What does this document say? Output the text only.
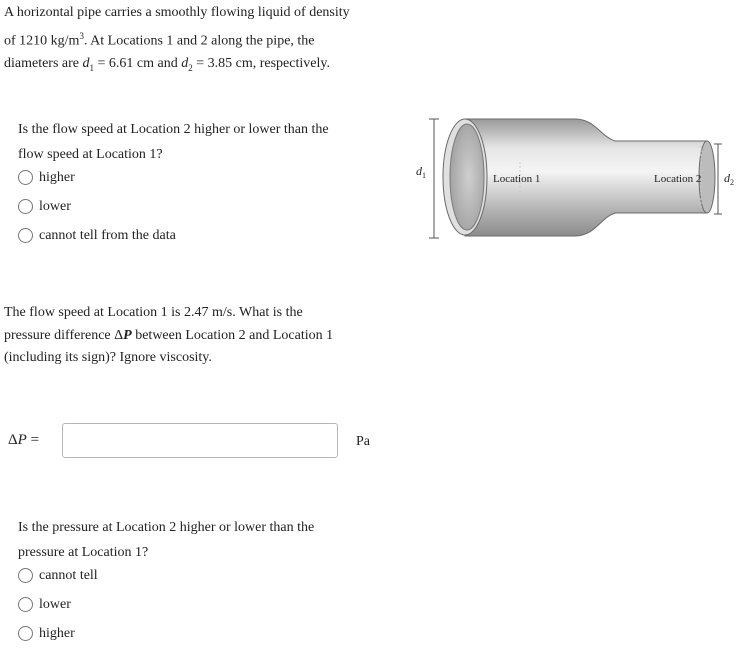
A horizontal pipe carries a smoothly flowing liquid of density
of 1210 $kg/m^3$. At Locations 1 and 2 along the pipe, the
diameters are $d_1 = 6.61$ cm and $d_2 = 3.85$ cm, respectively.
Is the flow speed at Location 2 higher or lower than the
flow speed at Location 1?
higher
lower
cannot tell from the data
The flow speed at Location 1 is 2.47 m/s. What is the
pressure difference ΔP between Location 2 and Location 1
(including its sign)? Ignore viscosity.
ΔP =	Pa
Is the pressure at Location 2 higher or lower than the
pressure at Location 1?
cannot tell
lower
higher
$d_1$	$d_2$
Location 1	Location 2
